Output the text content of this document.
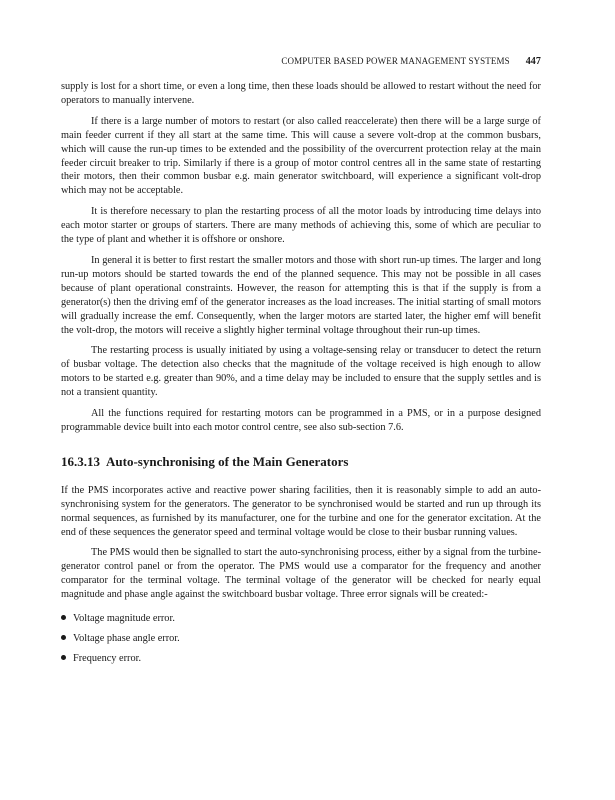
COMPUTER BASED POWER MANAGEMENT SYSTEMS 447

supply is lost for a short time, or even a long time, then these loads should be allowed to restart without the need for operators to manually intervene.

If there is a large number of motors to restart (or also called reaccelerate) then there will be a large surge of main feeder current if they all start at the same time. This will cause a severe volt-drop at the common busbars, which will cause the run-up times to be extended and the possibility of the overcurrent protection relay at the main feeder circuit breaker to trip. Similarly if there is a group of motor control centres all in the same state of restarting their motors, then their common busbar e.g. main generator switchboard, will experience a significant volt-drop which may not be acceptable.

It is therefore necessary to plan the restarting process of all the motor loads by introducing time delays into each motor starter or groups of starters. There are many methods of achieving this, some of which are peculiar to the type of plant and whether it is offshore or onshore.

In general it is better to first restart the smaller motors and those with short run-up times. The larger and long run-up motors should be started towards the end of the planned sequence. This may not be possible in all cases because of plant operational constraints. However, the reason for attempting this is that if the supply is from a generator(s) then the driving emf of the generator increases as the load increases. The initial starting of small motors will gradually increase the emf. Consequently, when the larger motors are started later, the higher emf will benefit the volt-drop, the motors will receive a slightly higher terminal voltage throughout their run-up times.

The restarting process is usually initiated by using a voltage-sensing relay or transducer to detect the return of busbar voltage. The detection also checks that the magnitude of the voltage received is high enough to allow motors to be started e.g. greater than 90%, and a time delay may be included to ensure that the supply settles and is not a transient quantity.

All the functions required for restarting motors can be programmed in a PMS, or in a purpose designed programmable device built into each motor control centre, see also sub-section 7.6.

16.3.13 Auto-synchronising of the Main Generators

If the PMS incorporates active and reactive power sharing facilities, then it is reasonably simple to add an auto-synchronising system for the generators. The generator to be synchronised would be started and run up through its normal sequences, as furnished by its manufacturer, one for the turbine and one for the generator excitation. At the end of these sequences the generator speed and terminal voltage would be close to their busbar running values.

The PMS would then be signalled to start the auto-synchronising process, either by a signal from the turbine-generator control panel or from the operator. The PMS would use a comparator for the frequency and another comparator for the terminal voltage. The terminal voltage of the generator will be checked for nearly equal magnitude and phase angle against the switchboard busbar voltage. Three error signals will be created:-

Voltage magnitude error.
Voltage phase angle error.
Frequency error.
